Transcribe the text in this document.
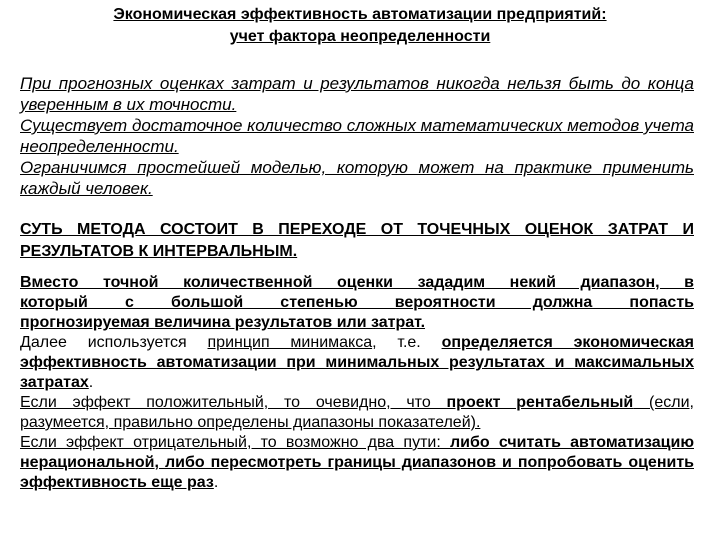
Экономическая эффективность автоматизации предприятий:
учет фактора неопределенности

При прогнозных оценках затрат и результатов никогда нельзя быть до конца

уверенным в их точности.

Существует достаточное количество сложных математических методов учета

неопределенности.

Ограничимся простейшей моделью, которую может на практике применить

каждый человек.

СУТЬ МЕТОДА СОСТОИТ В ПЕРЕХОДЕ ОТ ТОЧЕЧНЫХ ОЦЕНОК ЗАТРАТ И

РЕЗУЛЬТАТОВ К ИНТЕРВАЛЬНЫМ.

Вместо точной количественной оценки зададим некий диапазон, в

который с большой степенью вероятности должна попасть

прогнозируемая величина результатов или затрат.

Далее используется принцип минимакса, т.е. определяется экономическая эффективность автоматизации при минимальных результатах и максимальных затратах.

Если эффект положительный, то очевидно, что проект рентабельный (если, разумеется, правильно определены диапазоны показателей).

Если эффект отрицательный, то возможно два пути: либо считать автоматизацию нерациональной, либо пересмотреть границы диапазонов и попробовать оценить эффективность еще раз.
